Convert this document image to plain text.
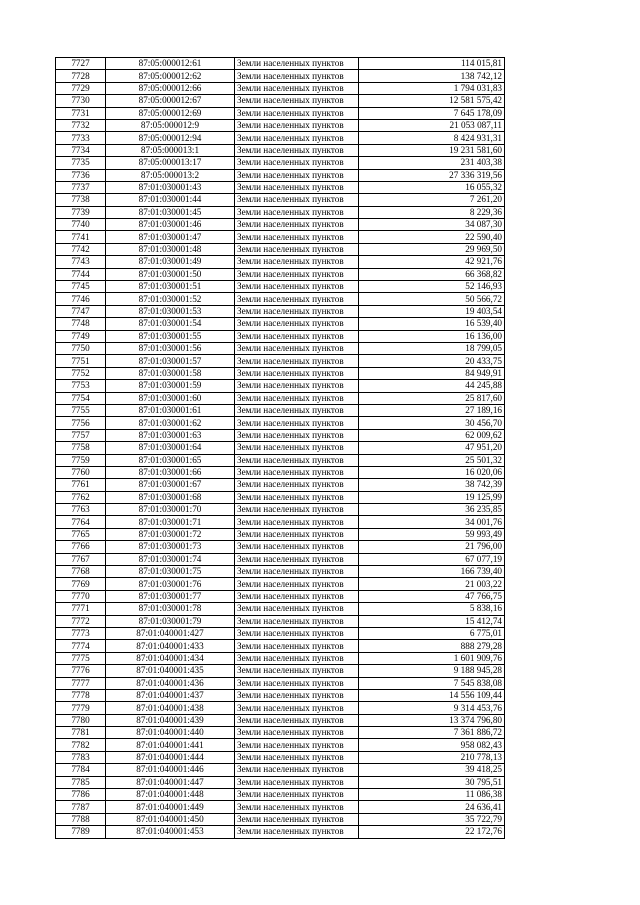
7727	87:05:000012:61	Земли населенных пунктов	114 015,81
7728	87:05:000012:62	Земли населенных пунктов	138 742,12
7729	87:05:000012:66	Земли населенных пунктов	1 794 031,83
7730	87:05:000012:67	Земли населенных пунктов	12 581 575,42
7731	87:05:000012:69	Земли населенных пунктов	7 645 178,09
7732	87:05:000012:9	Земли населенных пунктов	21 053 087,11
7733	87:05:000012:94	Земли населенных пунктов	8 424 931,31
7734	87:05:000013:1	Земли населенных пунктов	19 231 581,60
7735	87:05:000013:17	Земли населенных пунктов	231 403,38
7736	87:05:000013:2	Земли населенных пунктов	27 336 319,56
7737	87:01:030001:43	Земли населенных пунктов	16 055,32
7738	87:01:030001:44	Земли населенных пунктов	7 261,20
7739	87:01:030001:45	Земли населенных пунктов	8 229,36
7740	87:01:030001:46	Земли населенных пунктов	34 087,30
7741	87:01:030001:47	Земли населенных пунктов	22 590,40
7742	87:01:030001:48	Земли населенных пунктов	29 969,50
7743	87:01:030001:49	Земли населенных пунктов	42 921,76
7744	87:01:030001:50	Земли населенных пунктов	66 368,82
7745	87:01:030001:51	Земли населенных пунктов	52 146,93
7746	87:01:030001:52	Земли населенных пунктов	50 566,72
7747	87:01:030001:53	Земли населенных пунктов	19 403,54
7748	87:01:030001:54	Земли населенных пунктов	16 539,40
7749	87:01:030001:55	Земли населенных пунктов	16 136,00
7750	87:01:030001:56	Земли населенных пунктов	18 799,05
7751	87:01:030001:57	Земли населенных пунктов	20 433,75
7752	87:01:030001:58	Земли населенных пунктов	84 949,91
7753	87:01:030001:59	Земли населенных пунктов	44 245,88
7754	87:01:030001:60	Земли населенных пунктов	25 817,60
7755	87:01:030001:61	Земли населенных пунктов	27 189,16
7756	87:01:030001:62	Земли населенных пунктов	30 456,70
7757	87:01:030001:63	Земли населенных пунктов	62 009,62
7758	87:01:030001:64	Земли населенных пунктов	47 951,20
7759	87:01:030001:65	Земли населенных пунктов	25 501,32
7760	87:01:030001:66	Земли населенных пунктов	16 020,06
7761	87:01:030001:67	Земли населенных пунктов	38 742,39
7762	87:01:030001:68	Земли населенных пунктов	19 125,99
7763	87:01:030001:70	Земли населенных пунктов	36 235,85
7764	87:01:030001:71	Земли населенных пунктов	34 001,76
7765	87:01:030001:72	Земли населенных пунктов	59 993,49
7766	87:01:030001:73	Земли населенных пунктов	21 796,00
7767	87:01:030001:74	Земли населенных пунктов	67 077,19
7768	87:01:030001:75	Земли населенных пунктов	166 739,40
7769	87:01:030001:76	Земли населенных пунктов	21 003,22
7770	87:01:030001:77	Земли населенных пунктов	47 766,75
7771	87:01:030001:78	Земли населенных пунктов	5 838,16
7772	87:01:030001:79	Земли населенных пунктов	15 412,74
7773	87:01:040001:427	Земли населенных пунктов	6 775,01
7774	87:01:040001:433	Земли населенных пунктов	888 279,28
7775	87:01:040001:434	Земли населенных пунктов	1 601 909,76
7776	87:01:040001:435	Земли населенных пунктов	9 188 945,28
7777	87:01:040001:436	Земли населенных пунктов	7 545 838,08
7778	87:01:040001:437	Земли населенных пунктов	14 556 109,44
7779	87:01:040001:438	Земли населенных пунктов	9 314 453,76
7780	87:01:040001:439	Земли населенных пунктов	13 374 796,80
7781	87:01:040001:440	Земли населенных пунктов	7 361 886,72
7782	87:01:040001:441	Земли населенных пунктов	958 082,43
7783	87:01:040001:444	Земли населенных пунктов	210 778,13
7784	87:01:040001:446	Земли населенных пунктов	39 418,25
7785	87:01:040001:447	Земли населенных пунктов	30 795,51
7786	87:01:040001:448	Земли населенных пунктов	11 086,38
7787	87:01:040001:449	Земли населенных пунктов	24 636,41
7788	87:01:040001:450	Земли населенных пунктов	35 722,79
7789	87:01:040001:453	Земли населенных пунктов	22 172,76
